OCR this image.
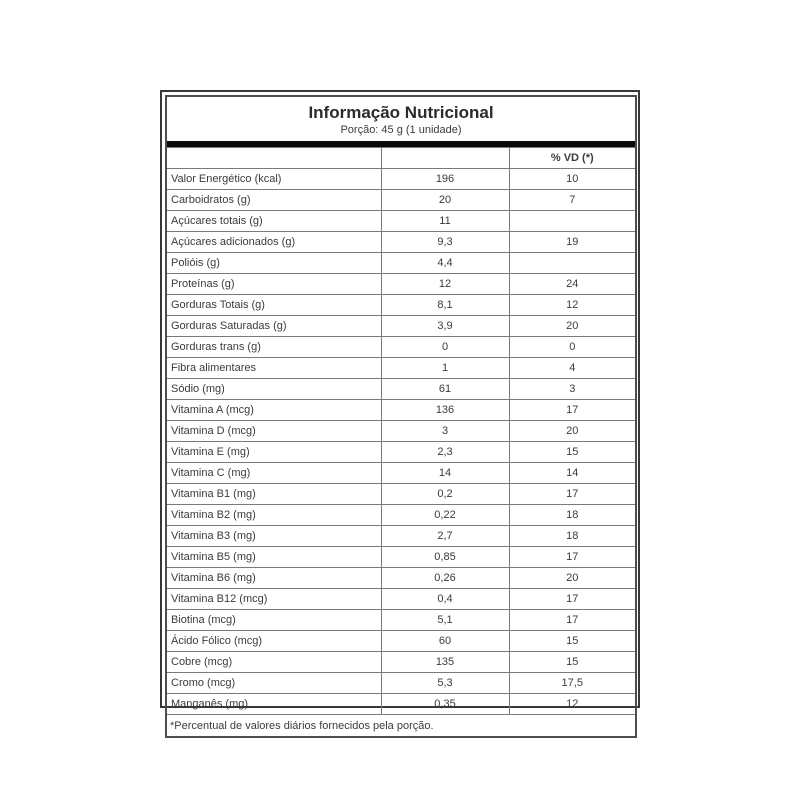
Informação Nutricional
Porção: 45 g (1 unidade)		

		% VD (*)
Valor Energético (kcal)	196	10
Carboidratos (g)	20	7
Açúcares totais (g)	11	
Açúcares adicionados (g)	9,3	19
Polióis (g)	4,4	
Proteínas (g)	12	24
Gorduras Totais (g)	8,1	12
Gorduras Saturadas (g)	3,9	20
Gorduras trans (g)	0	0
Fibra alimentares	1	4
Sódio (mg)	61	3
Vitamina A (mcg)	136	17
Vitamina D (mcg)	3	20
Vitamina E (mg)	2,3	15
Vitamina C (mg)	14	14
Vitamina B1 (mg)	0,2	17
Vitamina B2 (mg)	0,22	18
Vitamina B3 (mg)	2,7	18
Vitamina B5 (mg)	0,85	17
Vitamina B6 (mg)	0,26	20
Vitamina B12 (mcg)	0,4	17
Biotina (mcg)	5,1	17
Ácido Fólico (mcg)	60	15
Cobre (mcg)	135	15
Cromo (mcg)	5,3	17,5
Manganês (mg)	0,35	12
*Percentual de valores diários fornecidos pela porção.		
